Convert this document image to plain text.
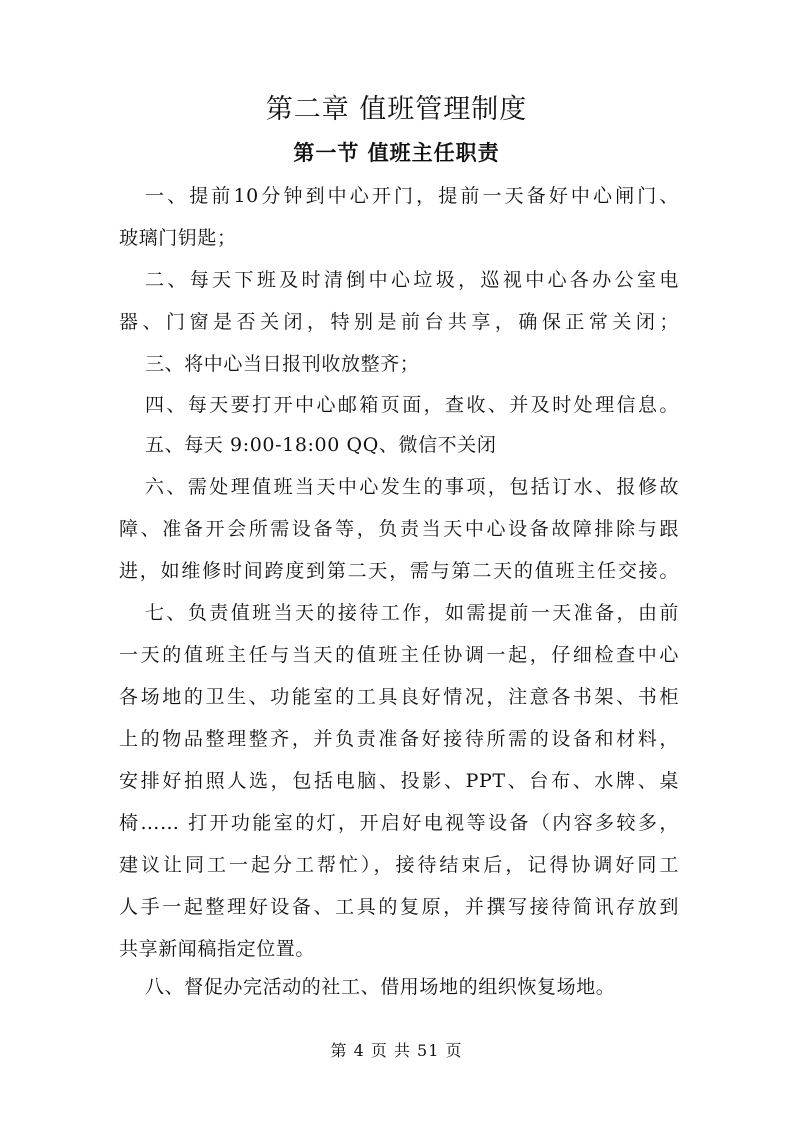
第二章 值班管理制度
第一节 值班主任职责
一、提前10分钟到中心开门，提前一天备好中心闸门、
玻璃门钥匙；
二、每天下班及时清倒中心垃圾，巡视中心各办公室电
器、门窗是否关闭，特别是前台共享，确保正常关闭；
三、将中心当日报刊收放整齐；
四、每天要打开中心邮箱页面，查收、并及时处理信息。
五、每天 9:00-18:00 QQ、微信不关闭
六、需处理值班当天中心发生的事项，包括订水、报修故
障、准备开会所需设备等，负责当天中心设备故障排除与跟
进，如维修时间跨度到第二天，需与第二天的值班主任交接。
七、负责值班当天的接待工作，如需提前一天准备，由前
一天的值班主任与当天的值班主任协调一起，仔细检查中心
各场地的卫生、功能室的工具良好情况，注意各书架、书柜
上的物品整理整齐，并负责准备好接待所需的设备和材料，
安排好拍照人选，包括电脑、投影、PPT、台布、水牌、桌
椅…… 打开功能室的灯，开启好电视等设备（内容多较多，
建议让同工一起分工帮忙），接待结束后，记得协调好同工
人手一起整理好设备、工具的复原，并撰写接待简讯存放到
共享新闻稿指定位置。
八、督促办完活动的社工、借用场地的组织恢复场地。
第 4 页 共 51 页
